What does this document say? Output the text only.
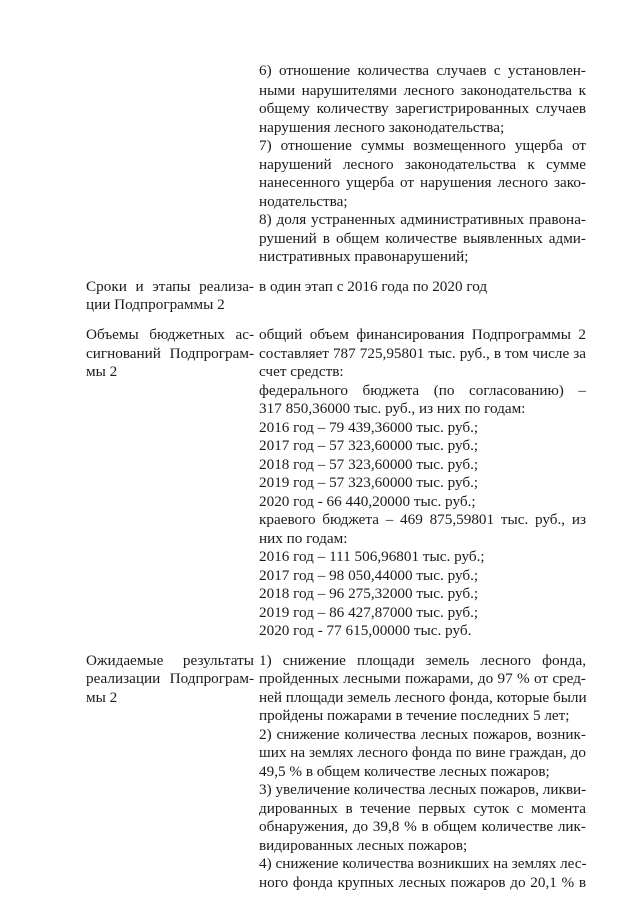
6) отношение количества случаев с установлен-
ными нарушителями лесного законодательства к
общему количеству зарегистрированных случаев
нарушения лесного законодательства;
7) отношение суммы возмещенного ущерба от
нарушений лесного законодательства к сумме
нанесенного ущерба от нарушения лесного зако-
нодательства;
8) доля устраненных административных правона-
рушений в общем количестве выявленных адми-
нистративных правонарушений;
Сроки и этапы реализа-
ции Подпрограммы 2
в один этап с 2016 года по 2020 год
Объемы бюджетных ас-
сигнований Подпрограм-
мы 2
общий объем финансирования Подпрограммы 2
составляет 787 725,95801 тыс. руб., в том числе за
счет средств:
федерального бюджета (по согласованию) –
317 850,36000 тыс. руб., из них по годам:
2016 год – 79 439,36000 тыс. руб.;
2017 год – 57 323,60000 тыс. руб.;
2018 год – 57 323,60000 тыс. руб.;
2019 год – 57 323,60000 тыс. руб.;
2020 год - 66 440,20000 тыс. руб.;
краевого бюджета – 469 875,59801 тыс. руб., из
них по годам:
2016 год – 111 506,96801 тыс. руб.;
2017 год – 98 050,44000 тыс. руб.;
2018 год – 96 275,32000 тыс. руб.;
2019 год – 86 427,87000 тыс. руб.;
2020 год - 77 615,00000 тыс. руб.
Ожидаемые результаты
реализации Подпрограм-
мы 2
1) снижение площади земель лесного фонда,
пройденных лесными пожарами, до 97 % от сред-
ней площади земель лесного фонда, которые были
пройдены пожарами в течение последних 5 лет;
2) снижение количества лесных пожаров, возник-
ших на землях лесного фонда по вине граждан, до
49,5 % в общем количестве лесных пожаров;
3) увеличение количества лесных пожаров, ликви-
дированных в течение первых суток с момента
обнаружения, до 39,8 % в общем количестве лик-
видированных лесных пожаров;
4) снижение количества возникших на землях лес-
ного фонда крупных лесных пожаров до 20,1 % в
